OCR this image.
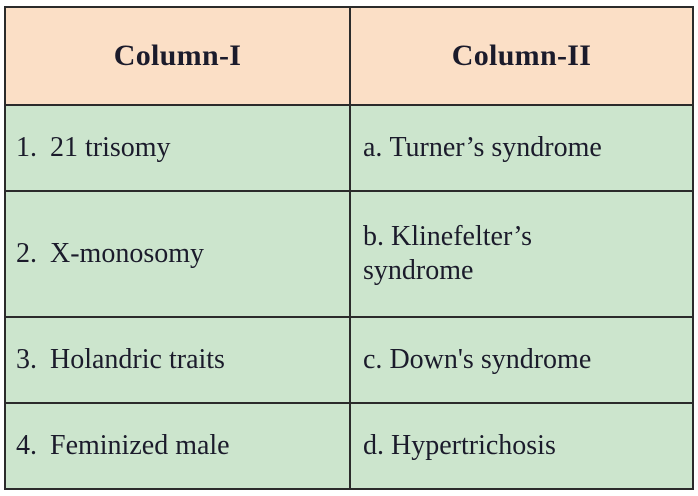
Column-I	Column-II
1. 21 trisomy	a. Turner’s syndrome

2. X-monosomy	b. Klinefelter’s
syndrome

3. Holandric traits	c. Down's syndrome

4. Feminized male	d. Hypertrichosis
